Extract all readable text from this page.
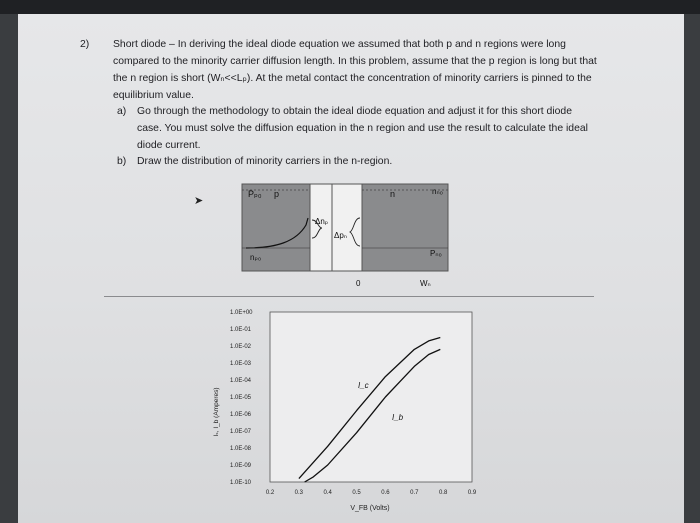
2) Short diode – In deriving the ideal diode equation we assumed that both p and n regions were long compared to the minority carrier diffusion length. In this problem, assume that the p region is long but that the n region is short (Wₙ<<Lₚ). At the metal contact the concentration of minority carriers is pinned to the equilibrium value.
a) Go through the methodology to obtain the ideal diode equation and adjust it for this short diode case. You must solve the diffusion equation in the n region and use the result to calculate the ideal diode current.
b) Draw the distribution of minority carriers in the n-region.
➤
Pₚ₀ p	n	nₙ₀
Δnₚ
Δpₙ
nₚ₀	Pₙ₀
0	Wₙ
1.0E+00
1.0E-01
1.0E-02
1.0E-03
1.0E-04
1.0E-05
1.0E-06
1.0E-07
1.0E-08
1.0E-09
1.0E-10
0.2	0.3	0.4	0.5	0.6	0.7	0.8	0.9
Iₛ, I_b (Amperes)
V_FB (Volts)
I_c
I_b
